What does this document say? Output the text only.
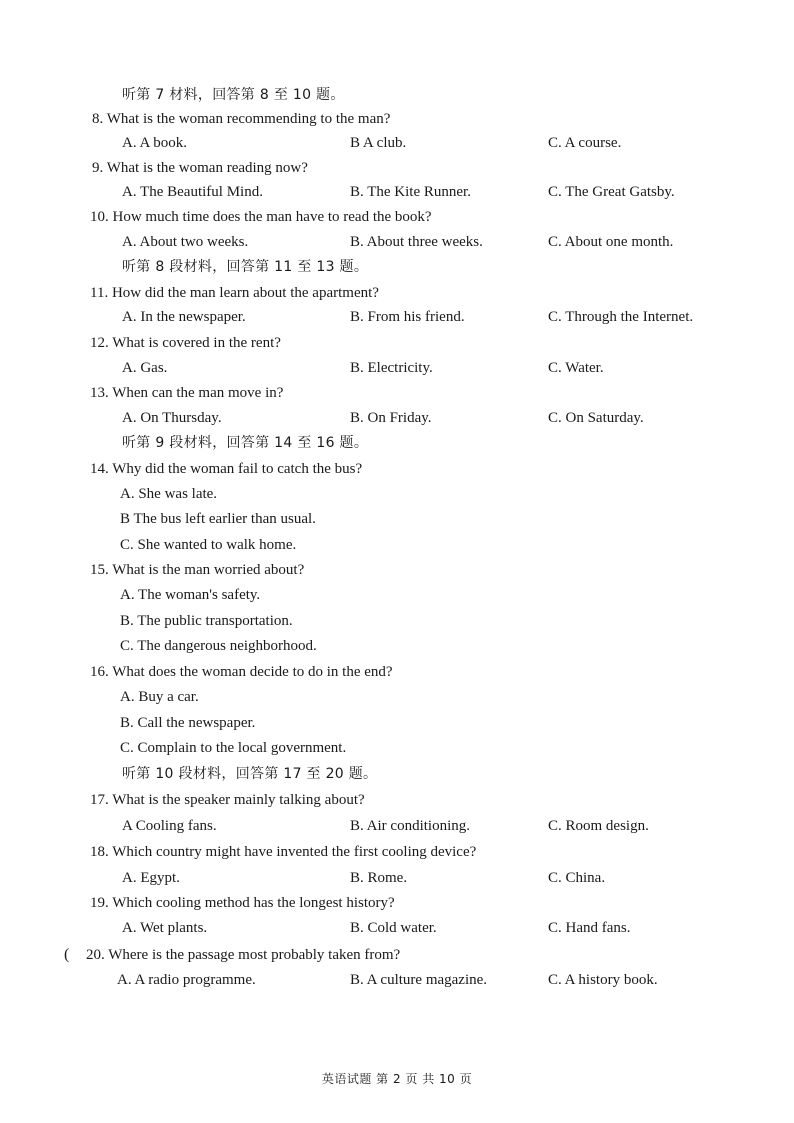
听第 7 材料，回答第 8 至 10 题。
8. What is the woman recommending to the man?
A. A book.	B A club.	C. A course.
9. What is the woman reading now?
A. The Beautiful Mind.	B. The Kite Runner.	C. The Great Gatsby.
10. How much time does the man have to read the book?
A. About two weeks.	B. About three weeks.	C. About one month.
听第 8 段材料，回答第 11 至 13 题。
11. How did the man learn about the apartment?
A. In the newspaper.	B. From his friend.	C. Through the Internet.
12. What is covered in the rent?
A. Gas.	B. Electricity.	C. Water.
13. When can the man move in?
A. On Thursday.	B. On Friday.	C. On Saturday.
听第 9 段材料，回答第 14 至 16 题。
14. Why did the woman fail to catch the bus?
A. She was late.
B The bus left earlier than usual.
C. She wanted to walk home.
15. What is the man worried about?
A. The woman's safety.
B. The public transportation.
C. The dangerous neighborhood.
16. What does the woman decide to do in the end?
A. Buy a car.
B. Call the newspaper.
C. Complain to the local government.
听第 10 段材料，回答第 17 至 20 题。
17. What is the speaker mainly talking about?
A Cooling fans.	B. Air conditioning.	C. Room design.
18. Which country might have invented the first cooling device?
A. Egypt.	B. Rome.	C. China.
19. Which cooling method has the longest history?
A. Wet plants.	B. Cold water.	C. Hand fans.
( 20. Where is the passage most probably taken from?
A. A radio programme.	B. A culture magazine.	C. A history book.
英语试题 第 2 页 共 10 页
